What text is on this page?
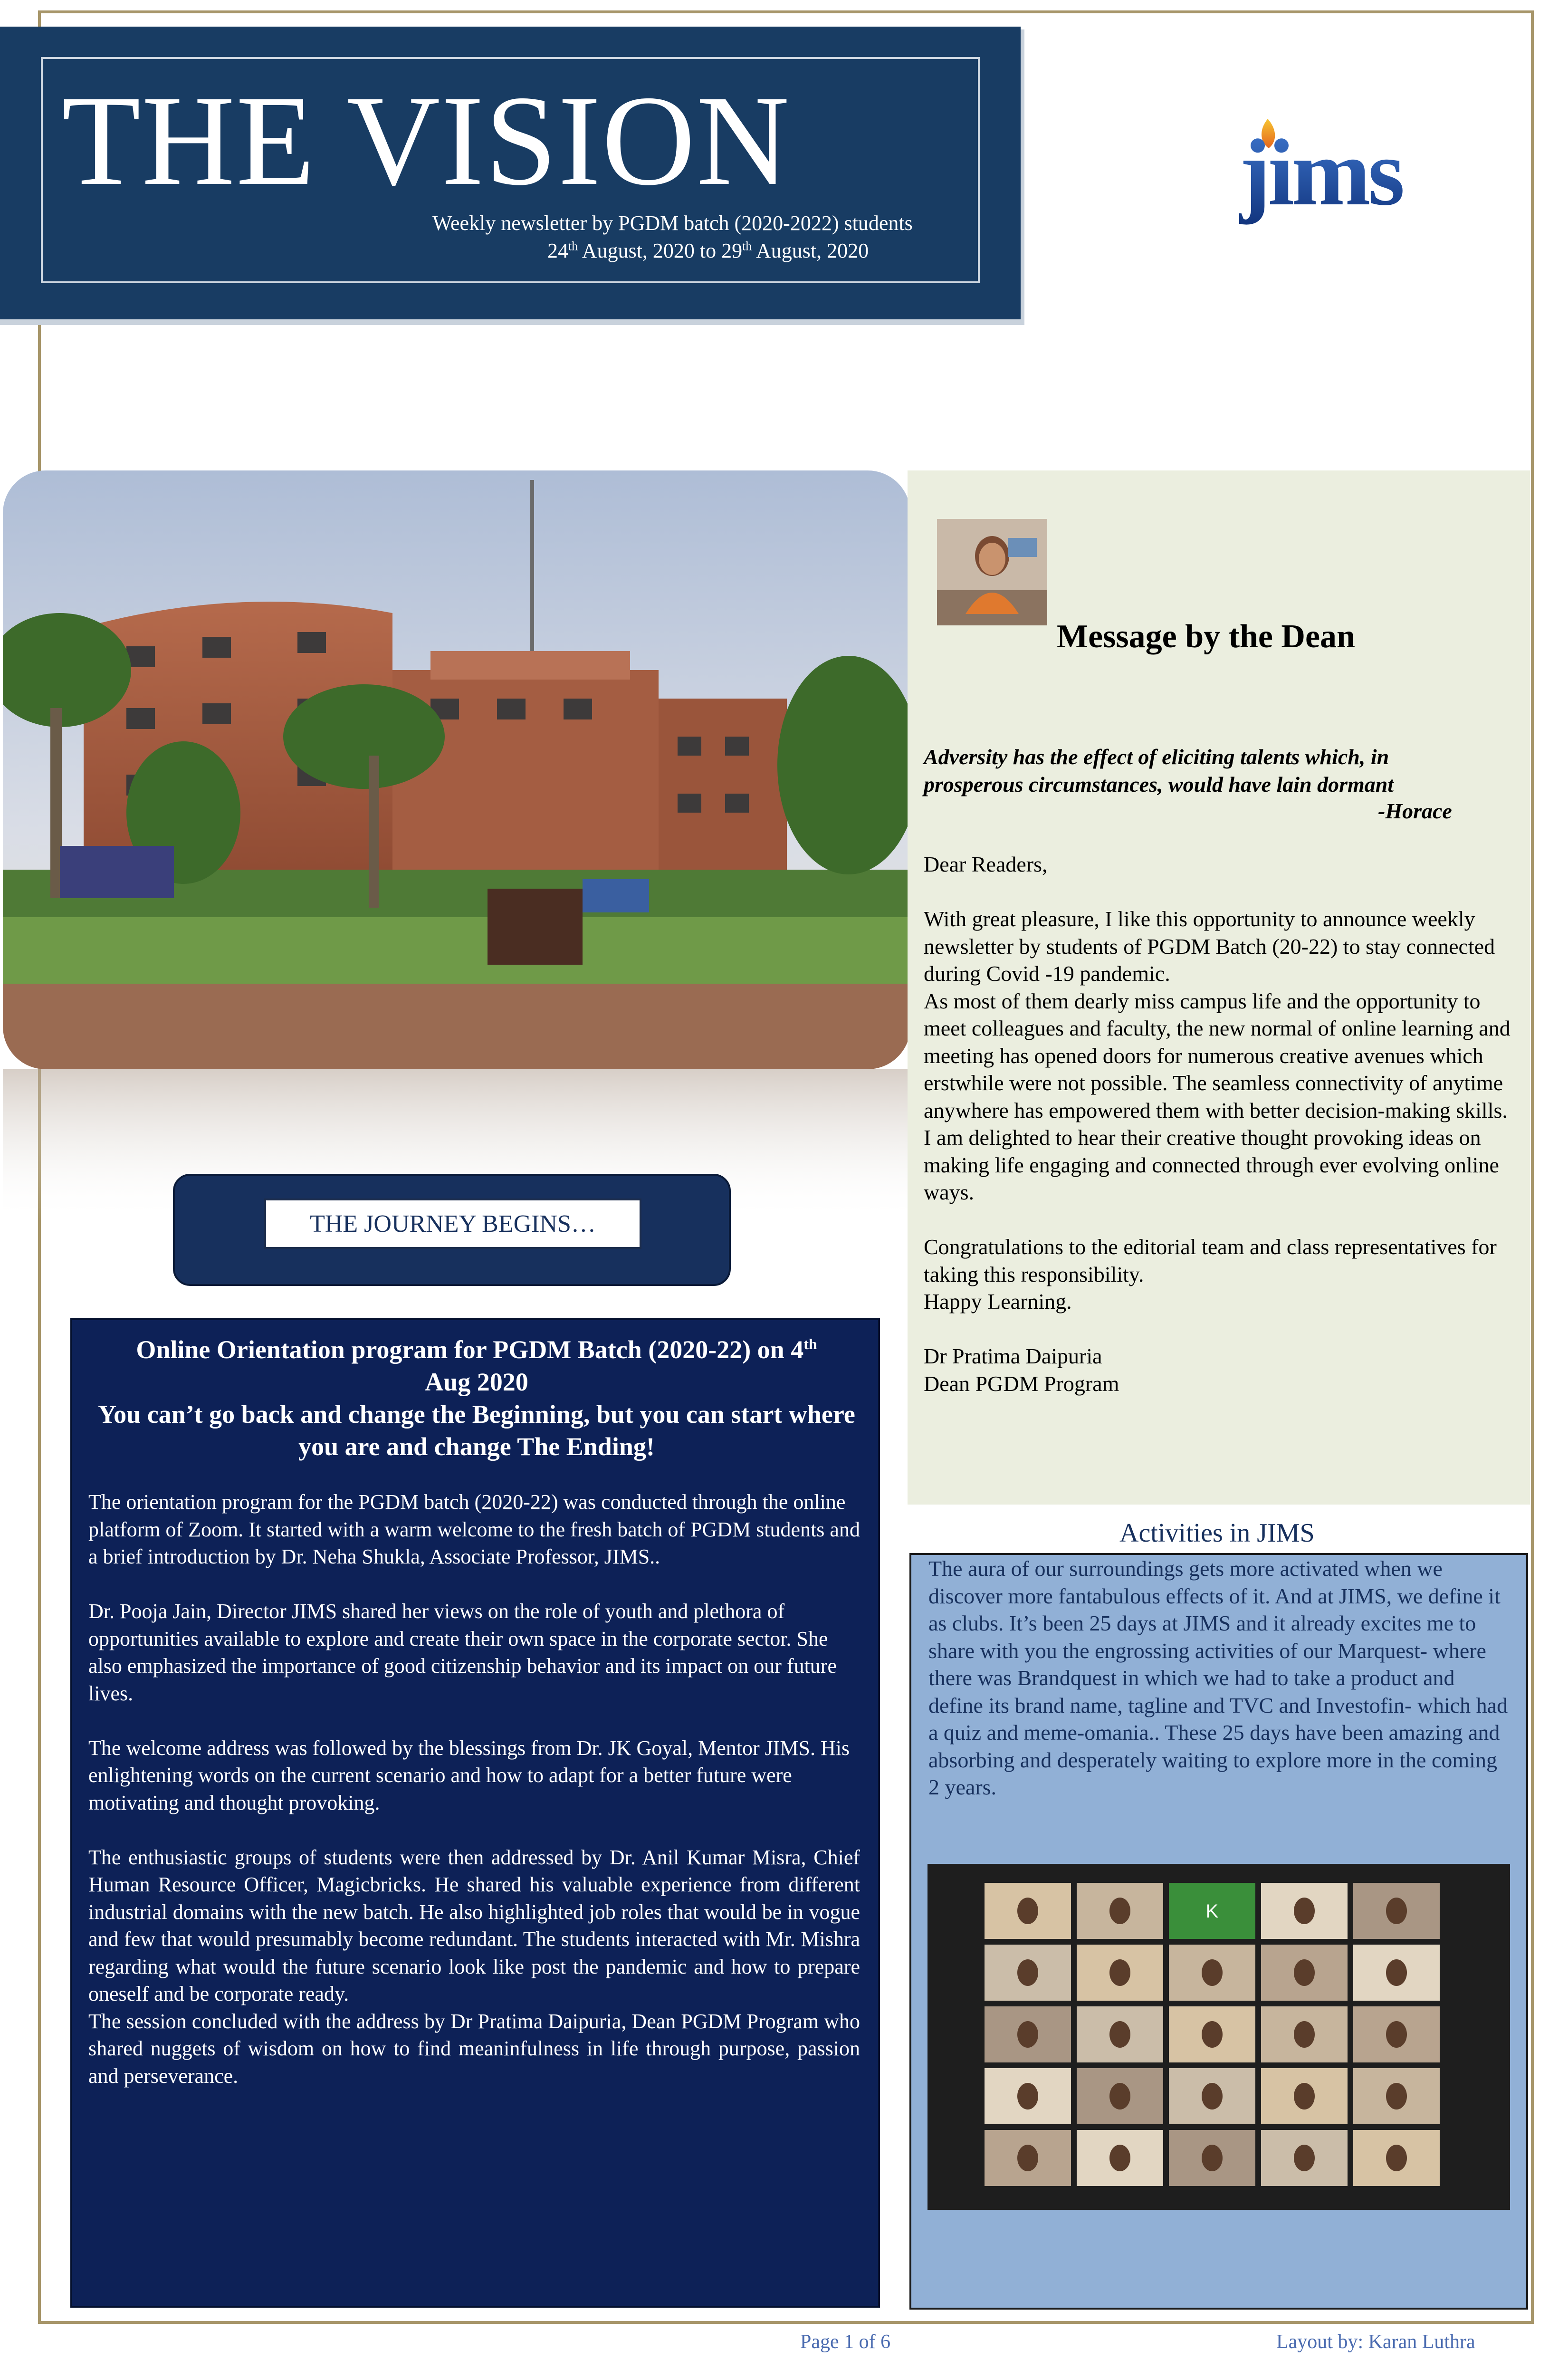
THE VISION
Weekly newsletter by PGDM batch (2020-2022) students
24th August, 2020 to 29th August, 2020
jims
THE JOURNEY BEGINS…
Online Orientation program for PGDM Batch (2020-22) on 4th
Aug 2020
You can’t go back and change the Beginning, but you can start where you are and change The Ending!

The orientation program for the PGDM batch (2020-22) was conducted through the online platform of Zoom. It started with a warm welcome to the fresh batch of PGDM students and a brief introduction by Dr. Neha Shukla, Associate Professor, JIMS..

Dr. Pooja Jain, Director JIMS shared her views on the role of youth and plethora of opportunities available to explore and create their own space in the corporate sector. She also emphasized the importance of good citizenship behavior and its impact on our future lives.

The welcome address was followed by the blessings from Dr. JK Goyal, Mentor JIMS. His enlightening words on the current scenario and how to adapt for a better future were motivating and thought provoking.

The enthusiastic groups of students were then addressed by Dr. Anil Kumar Misra, Chief Human Resource Officer, Magicbricks. He shared his valuable experience from different industrial domains with the new batch. He also highlighted job roles that would be in vogue and few that would presumably become redundant. The students interacted with Mr. Mishra regarding what would the future scenario look like post the pandemic and how to prepare oneself and be corporate ready.

The session concluded with the address by Dr Pratima Daipuria, Dean PGDM Program who shared nuggets of wisdom on how to find meaninfulness in life through purpose, passion and perseverance.

Message by the Dean
Adversity has the effect of eliciting talents which, in
prosperous circumstances, would have lain dormant
-Horace

Dear Readers,

With great pleasure, I like this opportunity to announce weekly newsletter by students of PGDM Batch (20-22) to stay connected during Covid -19 pandemic.

As most of them dearly miss campus life and the opportunity to meet colleagues and faculty, the new normal of online learning and meeting has opened doors for numerous creative avenues which erstwhile were not possible. The seamless connectivity of anytime anywhere has empowered them with better decision-making skills.

I am delighted to hear their creative thought provoking ideas on making life engaging and connected through ever evolving online ways.

Congratulations to the editorial team and class representatives for taking this responsibility.

Happy Learning.

Dr Pratima Daipuria

Dean PGDM Program

Activities in JIMS
The aura of our surroundings gets more activated when we discover more fantabulous effects of it. And at JIMS, we define it as clubs. It’s been 25 days at JIMS and it already excites me to share with you the engrossing activities of our Marquest- where there was Brandquest in which we had to take a product and define its brand name, tagline and TVC and Investofin- which had a quiz and meme-omania.. These 25 days have been amazing and absorbing and desperately waiting to explore more in the coming 2 years.
K
Page 1 of 6	Layout by: Karan Luthra
